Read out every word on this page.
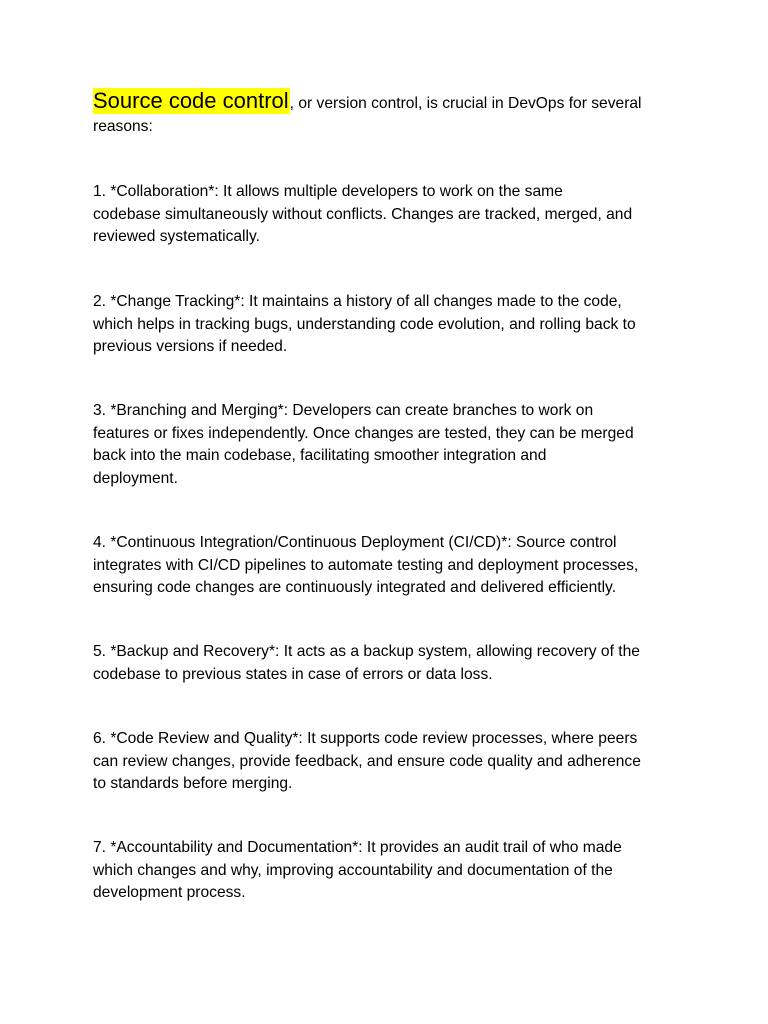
Source code control, or version control, is crucial in DevOps for several
reasons:

1. *Collaboration*: It allows multiple developers to work on the same
codebase simultaneously without conflicts. Changes are tracked, merged, and
reviewed systematically.

2. *Change Tracking*: It maintains a history of all changes made to the code,
which helps in tracking bugs, understanding code evolution, and rolling back to
previous versions if needed.

3. *Branching and Merging*: Developers can create branches to work on
features or fixes independently. Once changes are tested, they can be merged
back into the main codebase, facilitating smoother integration and
deployment.

4. *Continuous Integration/Continuous Deployment (CI/CD)*: Source control
integrates with CI/CD pipelines to automate testing and deployment processes,
ensuring code changes are continuously integrated and delivered efficiently.

5. *Backup and Recovery*: It acts as a backup system, allowing recovery of the
codebase to previous states in case of errors or data loss.

6. *Code Review and Quality*: It supports code review processes, where peers
can review changes, provide feedback, and ensure code quality and adherence
to standards before merging.

7. *Accountability and Documentation*: It provides an audit trail of who made
which changes and why, improving accountability and documentation of the
development process.
